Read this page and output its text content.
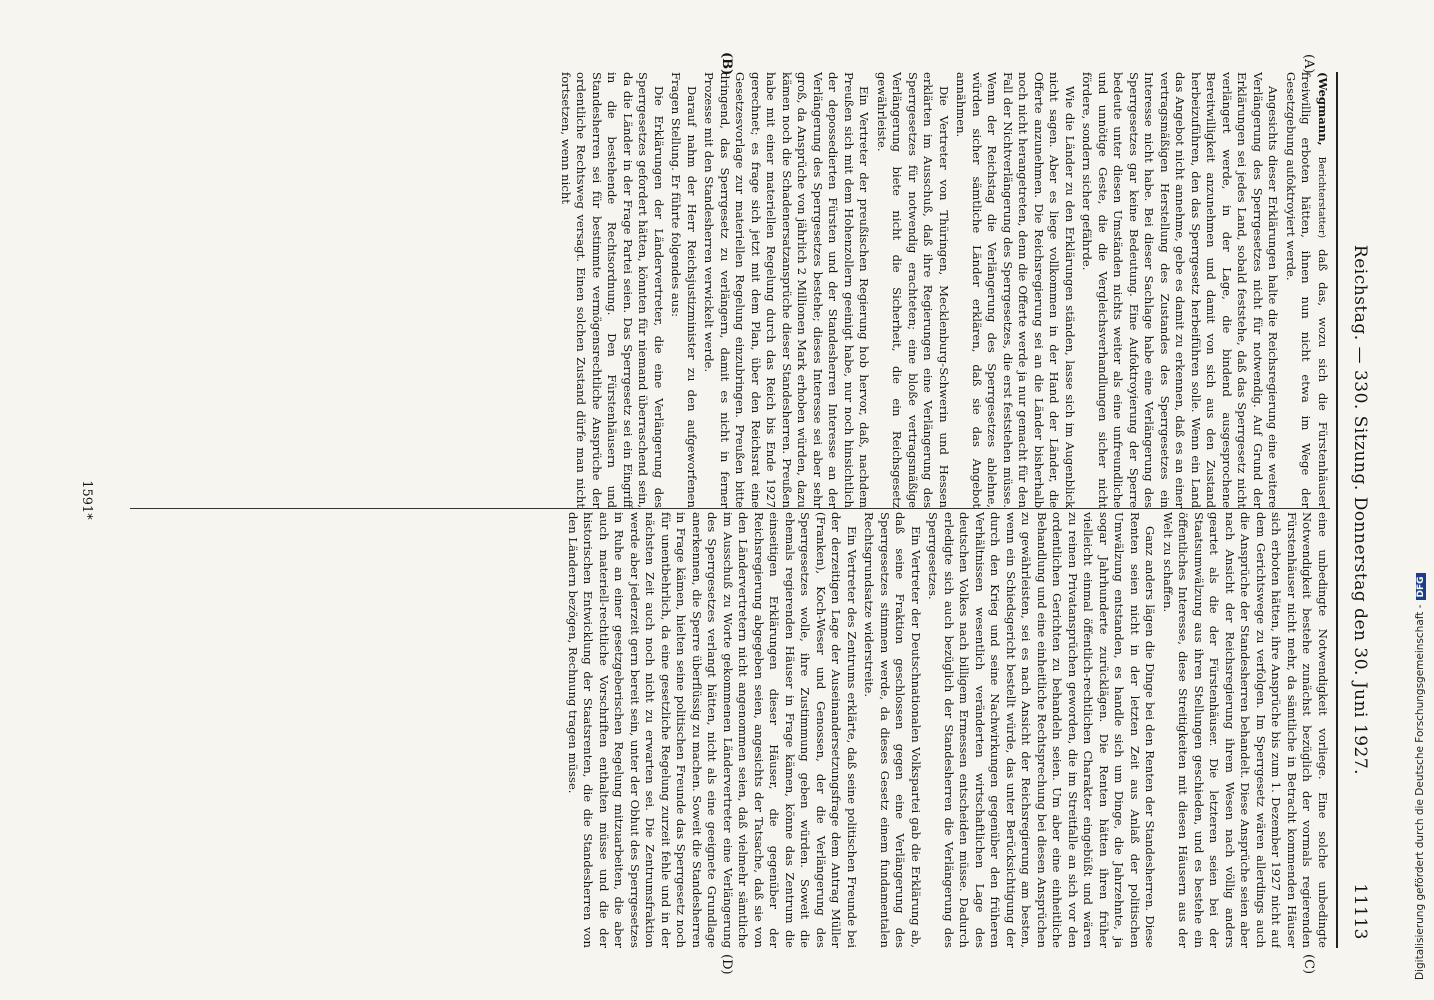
Digitalisierung gefördert durch die Deutsche Forschungsgemeinschaft -DFG
Reichstag. — 330. Sitzung. Donnerstag den 30. Juni 1927.
11113
(A)
(B)
(C)
(D)

(Wegmann, Berichterstatter) daß das, wozu sich die Fürstenhäuser freiwillig erboten hätten, ihnen nun nicht etwa im Wege der Gesetzgebung aufoktroyiert werde.

Angesichts dieser Erklärungen halte die Reichsregierung eine weitere Verlängerung des Sperrgesetzes nicht für notwendig. Auf Grund der Erklärungen sei jedes Land, sobald feststehe, daß das Sperrgesetz nicht verlängert werde, in der Lage, die bindend ausgesprochene Bereitwilligkeit anzunehmen und damit von sich aus den Zustand herbeizuführen, den das Sperrgesetz herbeiführen solle. Wenn ein Land das Angebot nicht annehme, gebe es damit zu erkennen, daß es an einer vertragsmäßigen Herstellung des Zustandes des Sperrgesetzes ein Interesse nicht habe. Bei dieser Sachlage habe eine Verlängerung des Sperrgesetzes gar keine Bedeutung. Eine Aufoktroyierung der Sperre bedeute unter diesen Umständen nichts weiter als eine unfreundliche und unnötige Geste, die die Vergleichsverhandlungen sicher nicht fördere, sondern sicher gefährde.

Wie die Länder zu den Erklärungen ständen, lasse sich im Augenblick nicht sagen. Aber es liege vollkommen in der Hand der Länder, die Offerte anzunehmen. Die Reichsregierung sei an die Länder bisherhalb noch nicht herangetreten, denn die Offerte werde ja nur gemacht für den Fall der Nichtverlängerung des Sperrgesetzes, die erst feststehen müsse. Wenn der Reichstag die Verlängerung des Sperrgesetzes ablehne, würden sicher sämtliche Länder erklären, daß sie das Angebot annähmen.

Die Vertreter von Thüringen, Mecklenburg-Schwerin und Hessen erklärten im Ausschuß, daß ihre Regierungen eine Verlängerung des Sperrgesetzes für notwendig erachteten; eine bloße vertragsmäßige Verlängerung biete nicht die Sicherheit, die ein Reichsgesetz gewährleiste.

Ein Vertreter der preußischen Regierung hob hervor, daß, nachdem Preußen sich mit dem Hohenzollern geeinigt habe, nur noch hinsichtlich der depossedierten Fürsten und der Standesherren Interesse an der Verlängerung des Sperrgesetzes bestehe; dieses Interesse sei aber sehr groß, da Ansprüche von jährlich 2 Millionen Mark erhoben würden, dazu kämen noch die Schadenersatzansprüche dieser Standesherren. Preußen habe mit einer materiellen Regelung durch das Reich bis Ende 1927 gerechnet; es frage sich jetzt mit dem Plan, über den Reichsrat eine Gesetzesvorlage zur materiellen Regelung einzubringen. Preußen bitte dringend, das Sperrgesetz zu verlängern, damit es nicht in ferner Prozesse mit den Standesherren verwickelt werde.

Darauf nahm der Herr Reichsjustizminister zu den aufgeworfenen Fragen Stellung. Er führte folgendes aus:

Die Erklärungen der Ländervertreter, die eine Verlängerung des Sperrgesetzes gefordert hätten, könnten für niemand überraschend sein, da die Länder in der Frage Partei seien. Das Sperrgesetz sei ein Eingriff in die bestehende Rechtsordnung. Den Fürstenhäusern und Standesherren sei für bestimmte vermögensrechtliche Ansprüche der ordentliche Rechtsweg versagt. Einen solchen Zustand dürfe man nicht fortsetzen, wenn nicht

eine unbedingte Notwendigkeit vorliege. Eine solche unbedingte Notwendigkeit bestehe zunächst bezüglich der vormals regierenden Fürstenhäuser nicht mehr, da sämtliche in Betracht kommenden Häuser sich erboten hätten, ihre Ansprüche bis zum 1. Dezember 1927 nicht auf dem Gerichtswege zu verfolgen. Im Sperrgesetz wären allerdings auch die Ansprüche der Standesherren behandelt. Diese Ansprüche seien aber nach Ansicht der Reichsregierung ihrem Wesen nach völlig anders geartet als die der Fürstenhäuser. Die letzteren seien bei der Staatsumwälzung aus ihren Stellungen geschieden, und es bestehe ein öffentliches Interesse, diese Streitigkeiten mit diesen Häusern aus der Welt zu schaffen.

Ganz anders lägen die Dinge bei den Renten der Standesherren. Diese Renten seien nicht in der letzten Zeit aus Anlaß der politischen Umwälzung entstanden, es handle sich um Dinge, die Jahrzehnte, ja sogar Jahrhunderte zurücklägen. Die Renten hätten ihren früher vielleicht einmal öffentlich-rechtlichen Charakter eingebüßt und wären zu reinen Privatansprüchen geworden, die im Streitfalle an sich vor den ordentlichen Gerichten zu behandeln seien. Um aber eine einheitliche Behandlung und eine einheitliche Rechtsprechung bei diesen Ansprüchen zu gewährleisten, sei es nach Ansicht der Reichsregierung am besten, wenn ein Schiedsgericht bestellt würde, das unter Berücksichtigung der durch den Krieg und seine Nachwirkungen gegenüber den früheren Verhältnissen wesentlich veränderten wirtschaftlichen Lage des deutschen Volkes nach billigem Ermessen entscheiden müsse. Dadurch erledigte sich auch bezüglich der Standesherren die Verlängerung des Sperrgesetzes.

Ein Vertreter der Deutschnationalen Volkspartei gab die Erklärung ab, daß seine Fraktion geschlossen gegen eine Verlängerung des Sperrgesetzes stimmen werde, da dieses Gesetz einem fundamentalen Rechtsgrundsatze widerstreite.

Ein Vertreter des Zentrums erklärte, daß seine politischen Freunde bei der derzeitigen Lage der Auseinandersetzungsfrage dem Antrag Müller (Franken), Koch-Weser und Genossen, der die Verlängerung des Sperrgesetzes wolle, ihre Zustimmung geben würden. Soweit die ehemals regierenden Häuser in Frage kämen, könne das Zentrum die einseitigen Erklärungen dieser Häuser, die gegenüber der Reichsregierung abgegeben seien, angesichts der Tatsache, daß sie von den Ländervertretern nicht angenommen seien, daß vielmehr sämtliche im Ausschuß zu Worte gekommenen Ländervertreter eine Verlängerung des Sperrgesetzes verlangt hätten, nicht als eine geeignete Grundlage anerkennen, die Sperre überflüssig zu machen. Soweit die Standesherren in Frage kämen, hielten seine politischen Freunde das Sperrgesetz noch für unentbehrlich, da eine gesetzliche Regelung zurzeit fehle und in der nächsten Zeit auch noch nicht zu erwarten sei. Die Zentrumsfraktion werde aber jederzeit gern bereit sein, unter der Obhut des Sperrgesetzes in Ruhe an einer gesetzgeberischen Regelung mitzuarbeiten, die aber auch materiell-rechtliche Vorschriften enthalten müsse und die der historischen Entwicklung der Staatsrenten, die die Standesherren von den Ländern bezögen, Rechnung tragen müsse.

1591*
